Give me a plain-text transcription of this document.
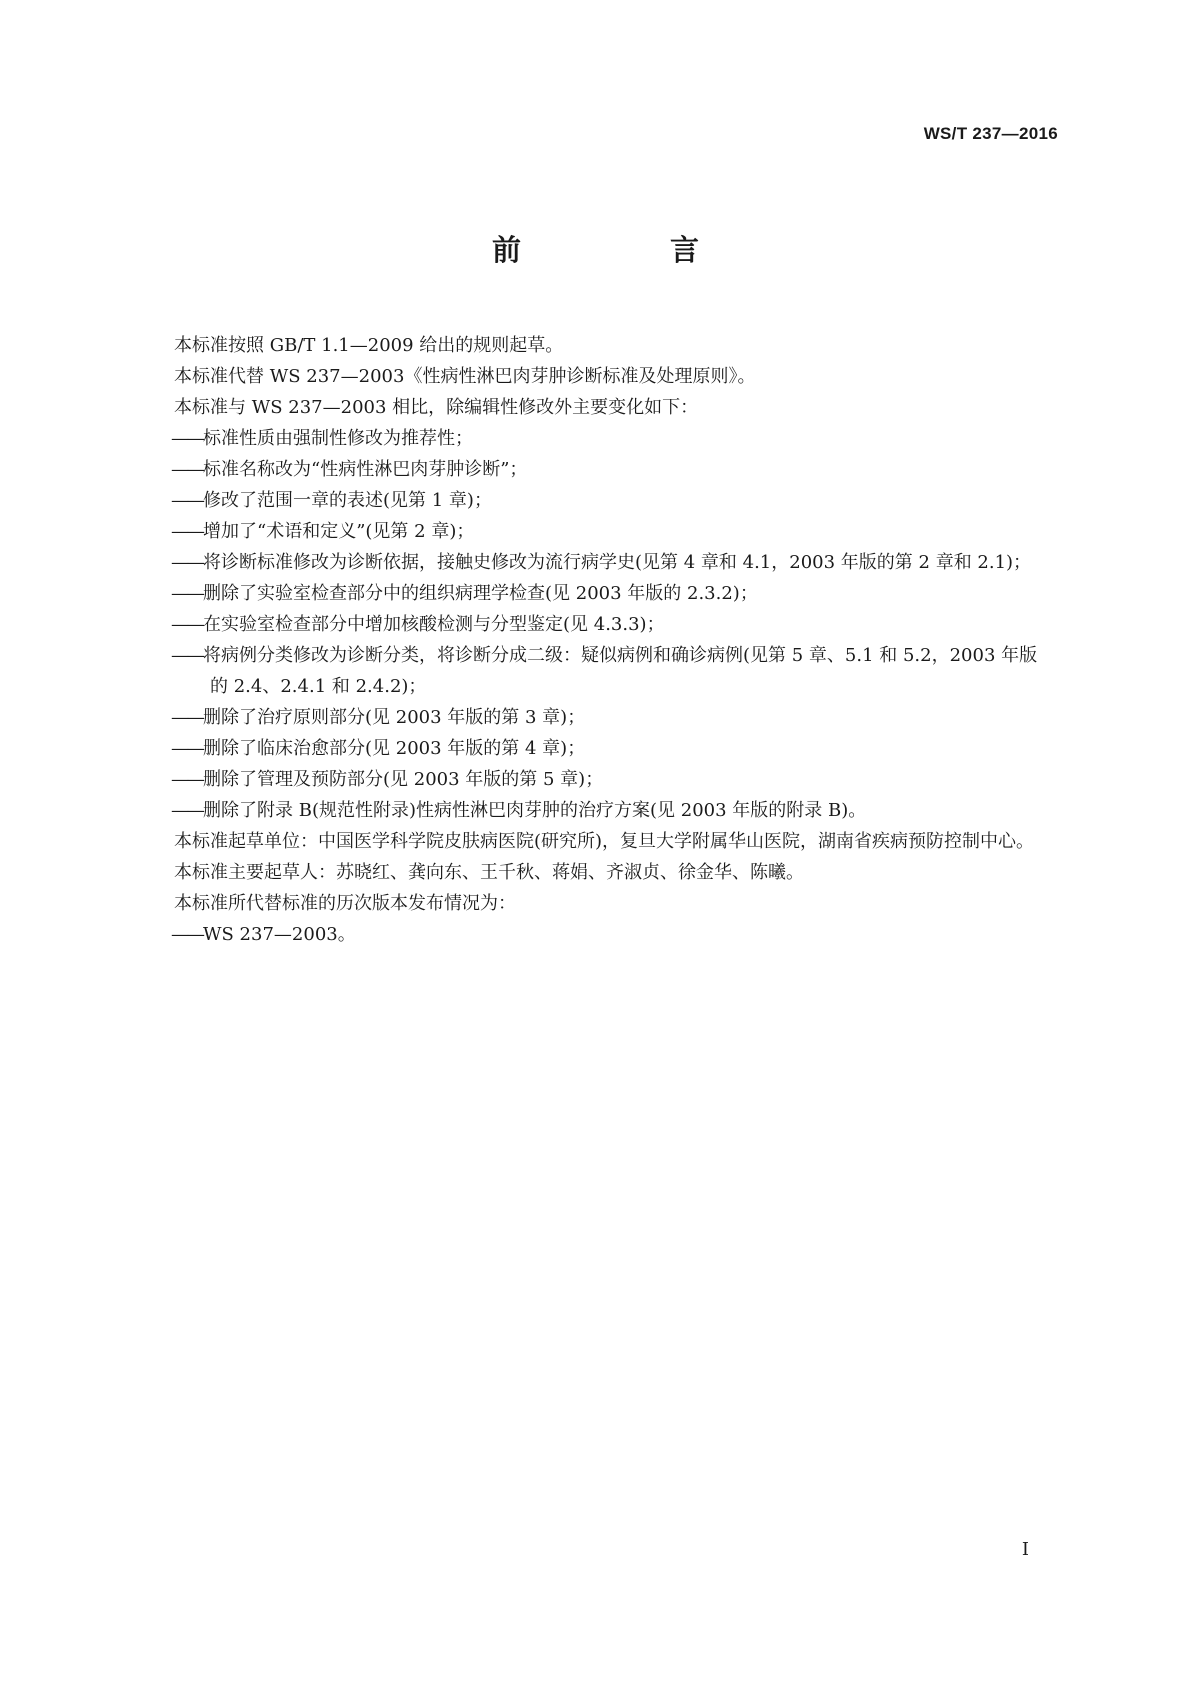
WS/T 237—2016
前　言

本标准按照 GB/T 1.1—2009 给出的规则起草。

本标准代替 WS 237—2003《性病性淋巴肉芽肿诊断标准及处理原则》。

本标准与 WS 237—2003 相比，除编辑性修改外主要变化如下：

——标准性质由强制性修改为推荐性；

——标准名称改为“性病性淋巴肉芽肿诊断”；

——修改了范围一章的表述(见第 1 章)；

——增加了“术语和定义”(见第 2 章)；

——将诊断标准修改为诊断依据，接触史修改为流行病学史(见第 4 章和 4.1，2003 年版的第 2 章和 2.1)；

——删除了实验室检查部分中的组织病理学检查(见 2003 年版的 2.3.2)；

——在实验室检查部分中增加核酸检测与分型鉴定(见 4.3.3)；

——将病例分类修改为诊断分类，将诊断分成二级：疑似病例和确诊病例(见第 5 章、5.1 和 5.2，2003 年版的 2.4、2.4.1 和 2.4.2)；

——删除了治疗原则部分(见 2003 年版的第 3 章)；

——删除了临床治愈部分(见 2003 年版的第 4 章)；

——删除了管理及预防部分(见 2003 年版的第 5 章)；

——删除了附录 B(规范性附录)性病性淋巴肉芽肿的治疗方案(见 2003 年版的附录 B)。

本标准起草单位：中国医学科学院皮肤病医院(研究所)，复旦大学附属华山医院，湖南省疾病预防控制中心。

本标准主要起草人：苏晓红、龚向东、王千秋、蒋娟、齐淑贞、徐金华、陈曦。

本标准所代替标准的历次版本发布情况为：

——WS 237—2003。

I
